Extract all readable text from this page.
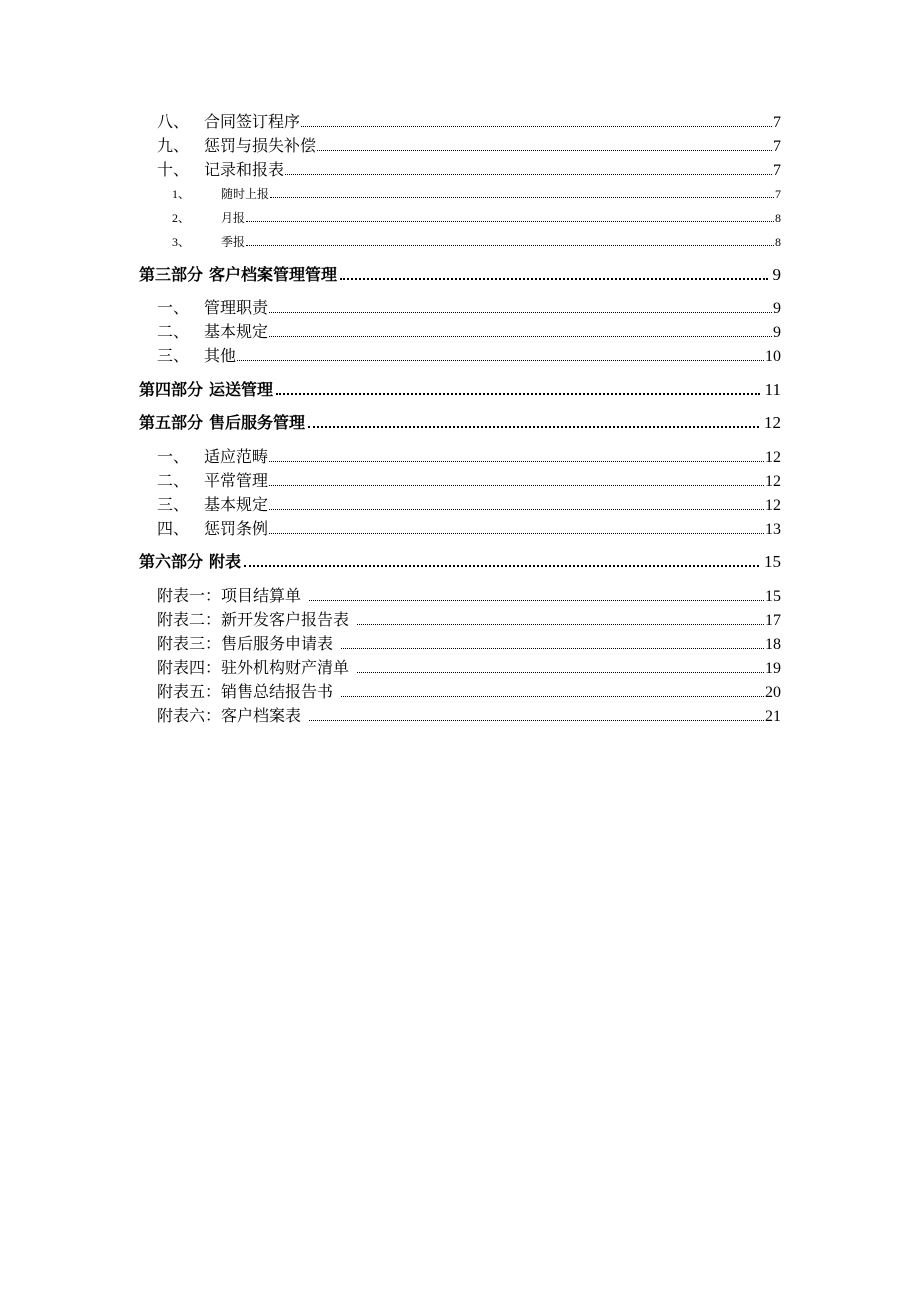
八、 合同签订程序	7
九、 惩罚与损失补偿	7
十、 记录和报表	7
1、	随时上报	7
2、	月报	8
3、	季报	8
第三部分 客户档案管理管理	9
一、 管理职责	9
二、 基本规定	9
三、 其他	10
第四部分 运送管理	11
第五部分 售后服务管理	12
一、 适应范畴	12
二、 平常管理	12
三、 基本规定	12
四、 惩罚条例	13
第六部分 附表	15
附表一：项目结算单	15
附表二：新开发客户报告表	17
附表三：售后服务申请表	18
附表四：驻外机构财产清单	19
附表五：销售总结报告书	20
附表六：客户档案表	21
